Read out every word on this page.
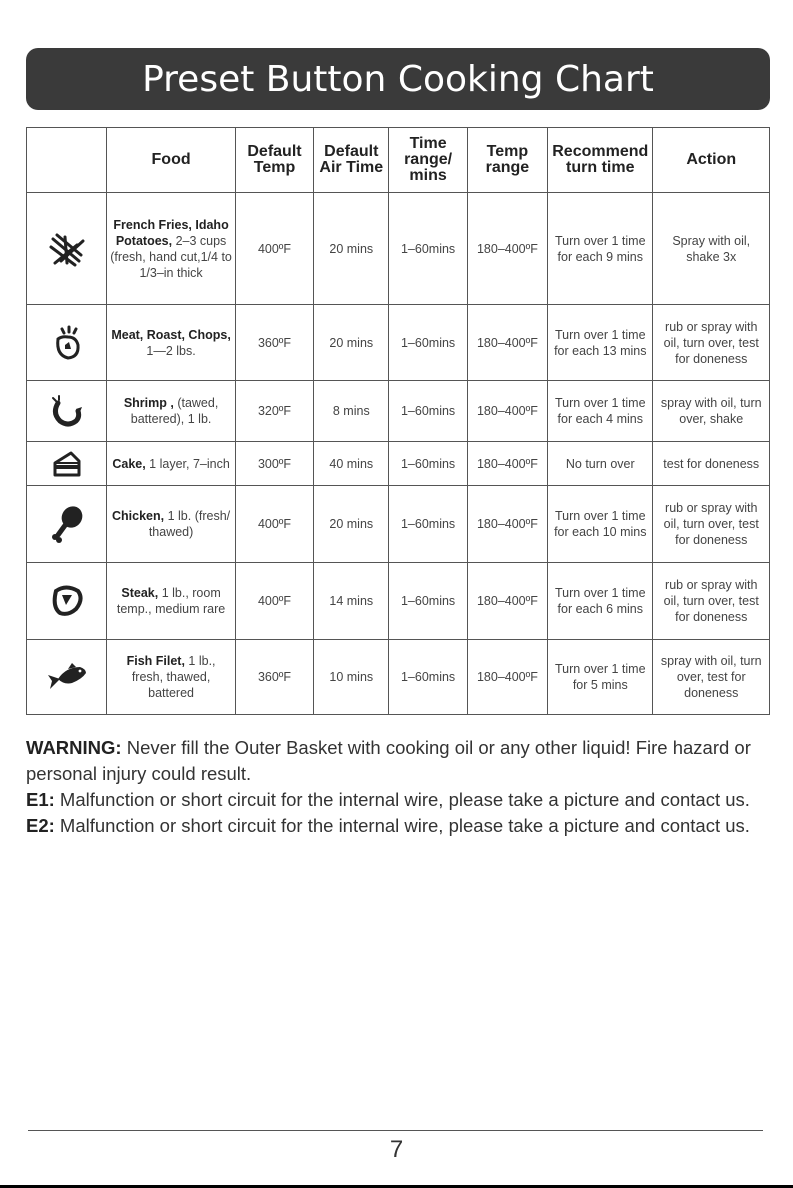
Preset Button Cooking Chart
	Food	Default Temp	Default Air Time	Time range/ mins	Temp range	Recommend turn time	Action

	French Fries, Idaho Potatoes, 2–3 cups (fresh, hand cut,1/4 to 1/3–in thick	400ºF	20 mins	1–60mins	180–400ºF	Turn over 1 time for each 9 mins	Spray with oil, shake 3x

	Meat, Roast, Chops, 1—2 lbs.	360ºF	20 mins	1–60mins	180–400ºF	Turn over 1 time for each 13 mins	rub or spray with oil, turn over, test for doneness

	Shrimp , (tawed, battered), 1 lb.	320ºF	8 mins	1–60mins	180–400ºF	Turn over 1 time for each 4 mins	spray with oil, turn over, shake

	Cake, 1 layer, 7–inch	300ºF	40 mins	1–60mins	180–400ºF	No turn over	test for doneness

	Chicken, 1 lb. (fresh/ thawed)	400ºF	20 mins	1–60mins	180–400ºF	Turn over 1 time for each 10 mins	rub or spray with oil, turn over, test for doneness

	Steak, 1 lb., room temp., medium rare	400ºF	14 mins	1–60mins	180–400ºF	Turn over 1 time for each 6 mins	rub or spray with oil, turn over, test for doneness

	Fish Filet, 1 lb., fresh, thawed, battered	360ºF	10 mins	1–60mins	180–400ºF	Turn over 1 time for 5 mins	spray with oil, turn over, test for doneness

WARNING: Never fill the Outer Basket with cooking oil or any other liquid! Fire hazard or personal injury could result.

E1: Malfunction or short circuit for the internal wire, please take a picture and contact us.

E2: Malfunction or short circuit for the internal wire, please take a picture and contact us.

7
